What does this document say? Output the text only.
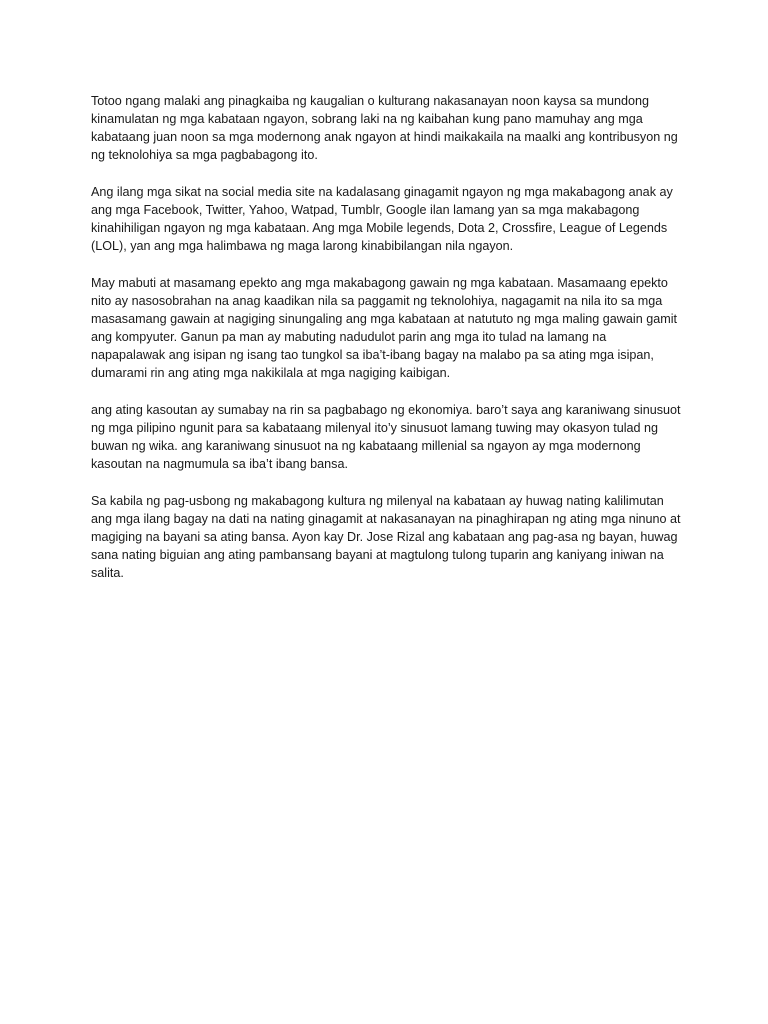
Totoo ngang malaki ang pinagkaiba ng kaugalian o kulturang nakasanayan noon kaysa sa mundong
kinamulatan ng mga kabataan ngayon, sobrang laki na ng kaibahan kung pano mamuhay ang mga
kabataang juan noon sa mga modernong anak ngayon at hindi maikakaila na maalki ang kontribusyon ng
ng teknolohiya sa mga pagbabagong ito.

Ang ilang mga sikat na social media site na kadalasang ginagamit ngayon ng mga makabagong anak ay
ang mga Facebook, Twitter, Yahoo, Watpad, Tumblr, Google ilan lamang yan sa mga makabagong
kinahihiligan ngayon ng mga kabataan. Ang mga Mobile legends, Dota 2, Crossfire, League of Legends
(LOL), yan ang mga halimbawa ng maga larong kinabibilangan nila ngayon.

May mabuti at masamang epekto ang mga makabagong gawain ng mga kabataan. Masamaang epekto
nito ay nasosobrahan na anag kaadikan nila sa paggamit ng teknolohiya, nagagamit na nila ito sa mga
masasamang gawain at nagiging sinungaling ang mga kabataan at natututo ng mga maling gawain gamit
ang kompyuter. Ganun pa man ay mabuting nadudulot parin ang mga ito tulad na lamang na
napapalawak ang isipan ng isang tao tungkol sa iba’t-ibang bagay na malabo pa sa ating mga isipan,
dumarami rin ang ating mga nakikilala at mga nagiging kaibigan.

ang ating kasoutan ay sumabay na rin sa pagbabago ng ekonomiya. baro’t saya ang karaniwang sinusuot
ng mga pilipino ngunit para sa kabataang milenyal ito’y sinusuot lamang tuwing may okasyon tulad ng
buwan ng wika. ang karaniwang sinusuot na ng kabataang millenial sa ngayon ay mga modernong
kasoutan na nagmumula sa iba’t ibang bansa.

Sa kabila ng pag-usbong ng makabagong kultura ng milenyal na kabataan ay huwag nating kalilimutan
ang mga ilang bagay na dati na nating ginagamit at nakasanayan na pinaghirapan ng ating mga ninuno at
magiging na bayani sa ating bansa. Ayon kay Dr. Jose Rizal ang kabataan ang pag-asa ng bayan, huwag
sana nating biguian ang ating pambansang bayani at magtulong tulong tuparin ang kaniyang iniwan na
salita.
